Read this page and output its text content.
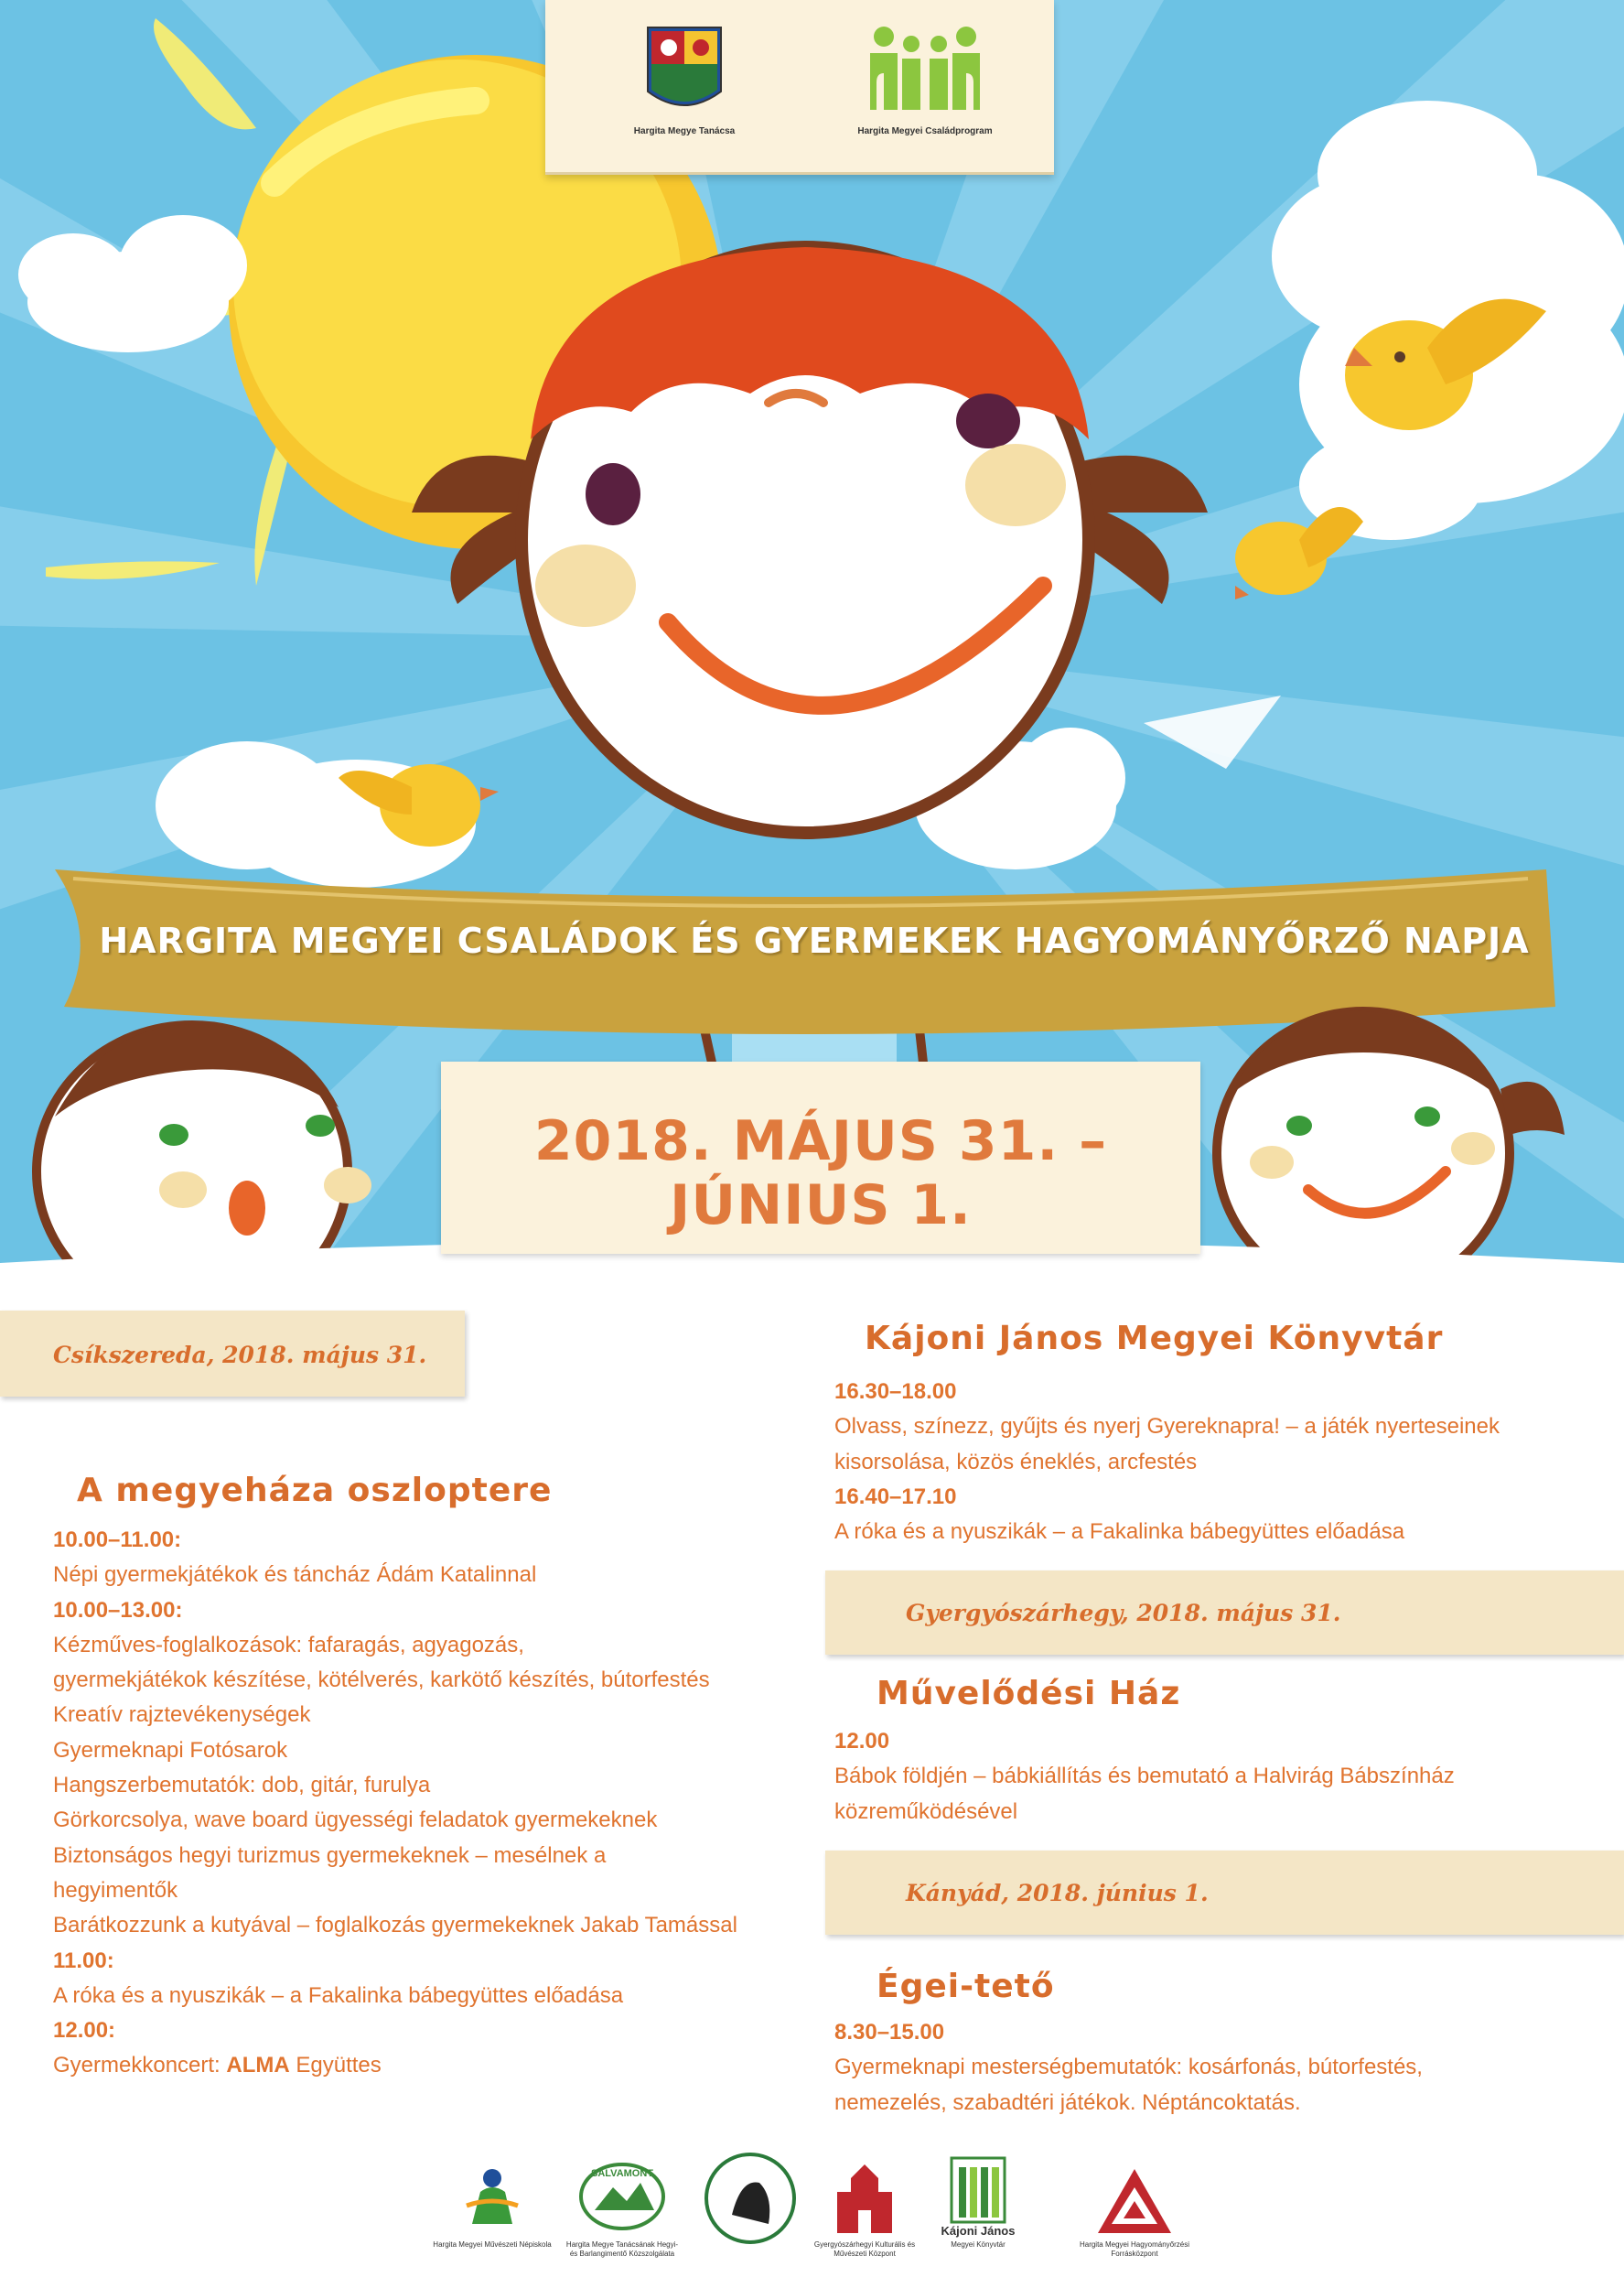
Hargita Megye Tanácsa	Hargita Megyei Családprogram
HARGITA MEGYEI CSALÁDOK ÉS GYERMEKEK HAGYOMÁNYŐRZŐ NAPJA
2018. MÁJUS 31. – JÚNIUS 1.
Csíkszereda, 2018. május 31.
A megyeháza oszloptere
10.00–11.00:
Népi gyermekjátékok és táncház Ádám Katalinnal
10.00–13.00:
Kézműves-foglalkozások: fafaragás, agyagozás,
gyermekjátékok készítése, kötélverés, karkötő készítés, bútorfestés
Kreatív rajztevékenységek
Gyermeknapi Fotósarok
Hangszerbemutatók: dob, gitár, furulya
Görkorcsolya, wave board ügyességi feladatok gyermekeknek
Biztonságos hegyi turizmus gyermekeknek – mesélnek a
hegyimentők
Barátkozzunk a kutyával – foglalkozás gyermekeknek Jakab Tamással
11.00:
A róka és a nyuszikák – a Fakalinka bábegyüttes előadása
12.00:
Gyermekkoncert: ALMA Együttes
Kájoni János Megyei Könyvtár
16.30–18.00
Olvass, színezz, gyűjts és nyerj Gyereknapra! – a játék nyerteseinek
kisorsolása, közös éneklés, arcfestés
16.40–17.10
A róka és a nyuszikák – a Fakalinka bábegyüttes előadása
Gyergyószárhegy, 2018. május 31.
Művelődési Ház
12.00
Bábok földjén – bábkiállítás és bemutató a Halvirág Bábszínház
közreműködésével
Kányád, 2018. június 1.
Égei-tető
8.30–15.00
Gyermeknapi mesterségbemutatók: kosárfonás, bútorfestés,
nemezelés, szabadtéri játékok. Néptáncoktatás.
SALVAMONT
Kájoni János
Hargita Megyei Művészeti Népiskola	Hargita Megye Tanácsának Hegyi- és Barlangimentő Közszolgálata
Gyergyószárhegyi Kulturális és Művészeti Központ
Megyei Könyvtár	Hargita Megyei Hagyományőrzési Forrásközpont
